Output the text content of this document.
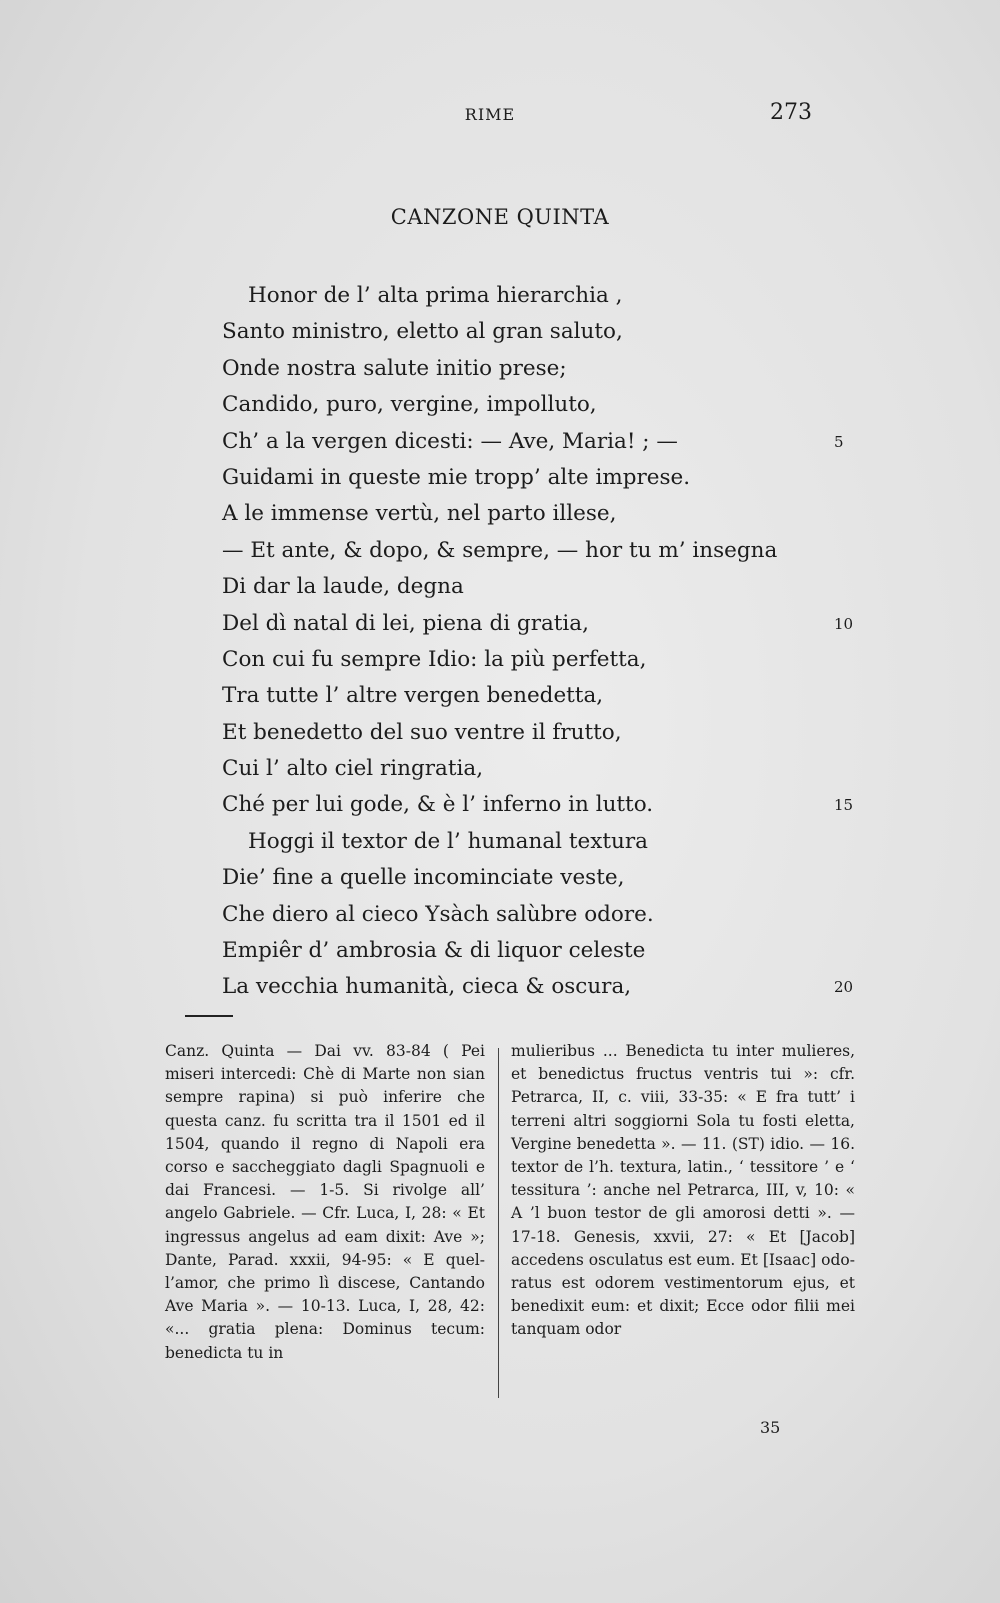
RIME	273
CANZONE QUINTA
Honor de l’ alta prima hierarchia ,
Santo ministro, eletto al gran saluto,
Onde nostra salute initio prese;
Candido, puro, vergine, impolluto,
Ch’ a la vergen dicesti: — Ave, Maria! ; —	5
Guidami in queste mie tropp’ alte imprese.
A le immense vertù, nel parto illese,
— Et ante, & dopo, & sempre, — hor tu m’ insegna
Di dar la laude, degna
Del dì natal di lei, piena di gratia,	10
Con cui fu sempre Idio: la più perfetta,
Tra tutte l’ altre vergen benedetta,
Et benedetto del suo ventre il frutto,
Cui l’ alto ciel ringratia,
Ché per lui gode, & è l’ inferno in lutto.	15
Hoggi il textor de l’ humanal textura
Die’ fine a quelle incominciate veste,
Che diero al cieco Ysàch salùbre odore.
Empiêr d’ ambrosia & di liquor celeste
La vecchia humanità, cieca & oscura,	20
Canz. Quinta — Dai vv. 83-84 ( Pei miseri intercedi: Chè di Marte non sian sempre rapina) si può inferire che questa canz. fu scritta tra il 1501 ed il 1504, quando il regno di Napoli era corso e saccheggiato dagli Spagnuoli e dai Francesi. — 1-5. Si rivolge all’ angelo Gabriele. — Cfr. Luca, I, 28: « Et ingressus angelus ad eam dixit: Ave »; Dante, Parad. xxxii, 94-95: « E quell’amor, che primo lì discese, Cantando Ave Maria ». — 10-13. Luca, I, 28, 42: «... gratia plena: Dominus tecum: benedicta tu in
mulieribus ... Benedicta tu inter mulieres, et benedictus fructus ventris tui »: cfr. Petrarca, II, c. viii, 33-35: « E fra tutt’ i terreni altri soggiorni Sola tu fosti eletta, Vergine benedetta ». — 11. (ST) idio. — 16. textor de l’h. textura, latin., ‘ tessitore ’ e ‘ tessitura ’: anche nel Petrarca, III, v, 10: « A ’l buon testor de gli amorosi detti ». — 17-18. Genesis, xxvii, 27: « Et [Jacob] accedens osculatus est eum. Et [Isaac] odoratus est odorem vestimentorum ejus, et benedixit eum: et dixit; Ecce odor filii mei tanquam odor
35
